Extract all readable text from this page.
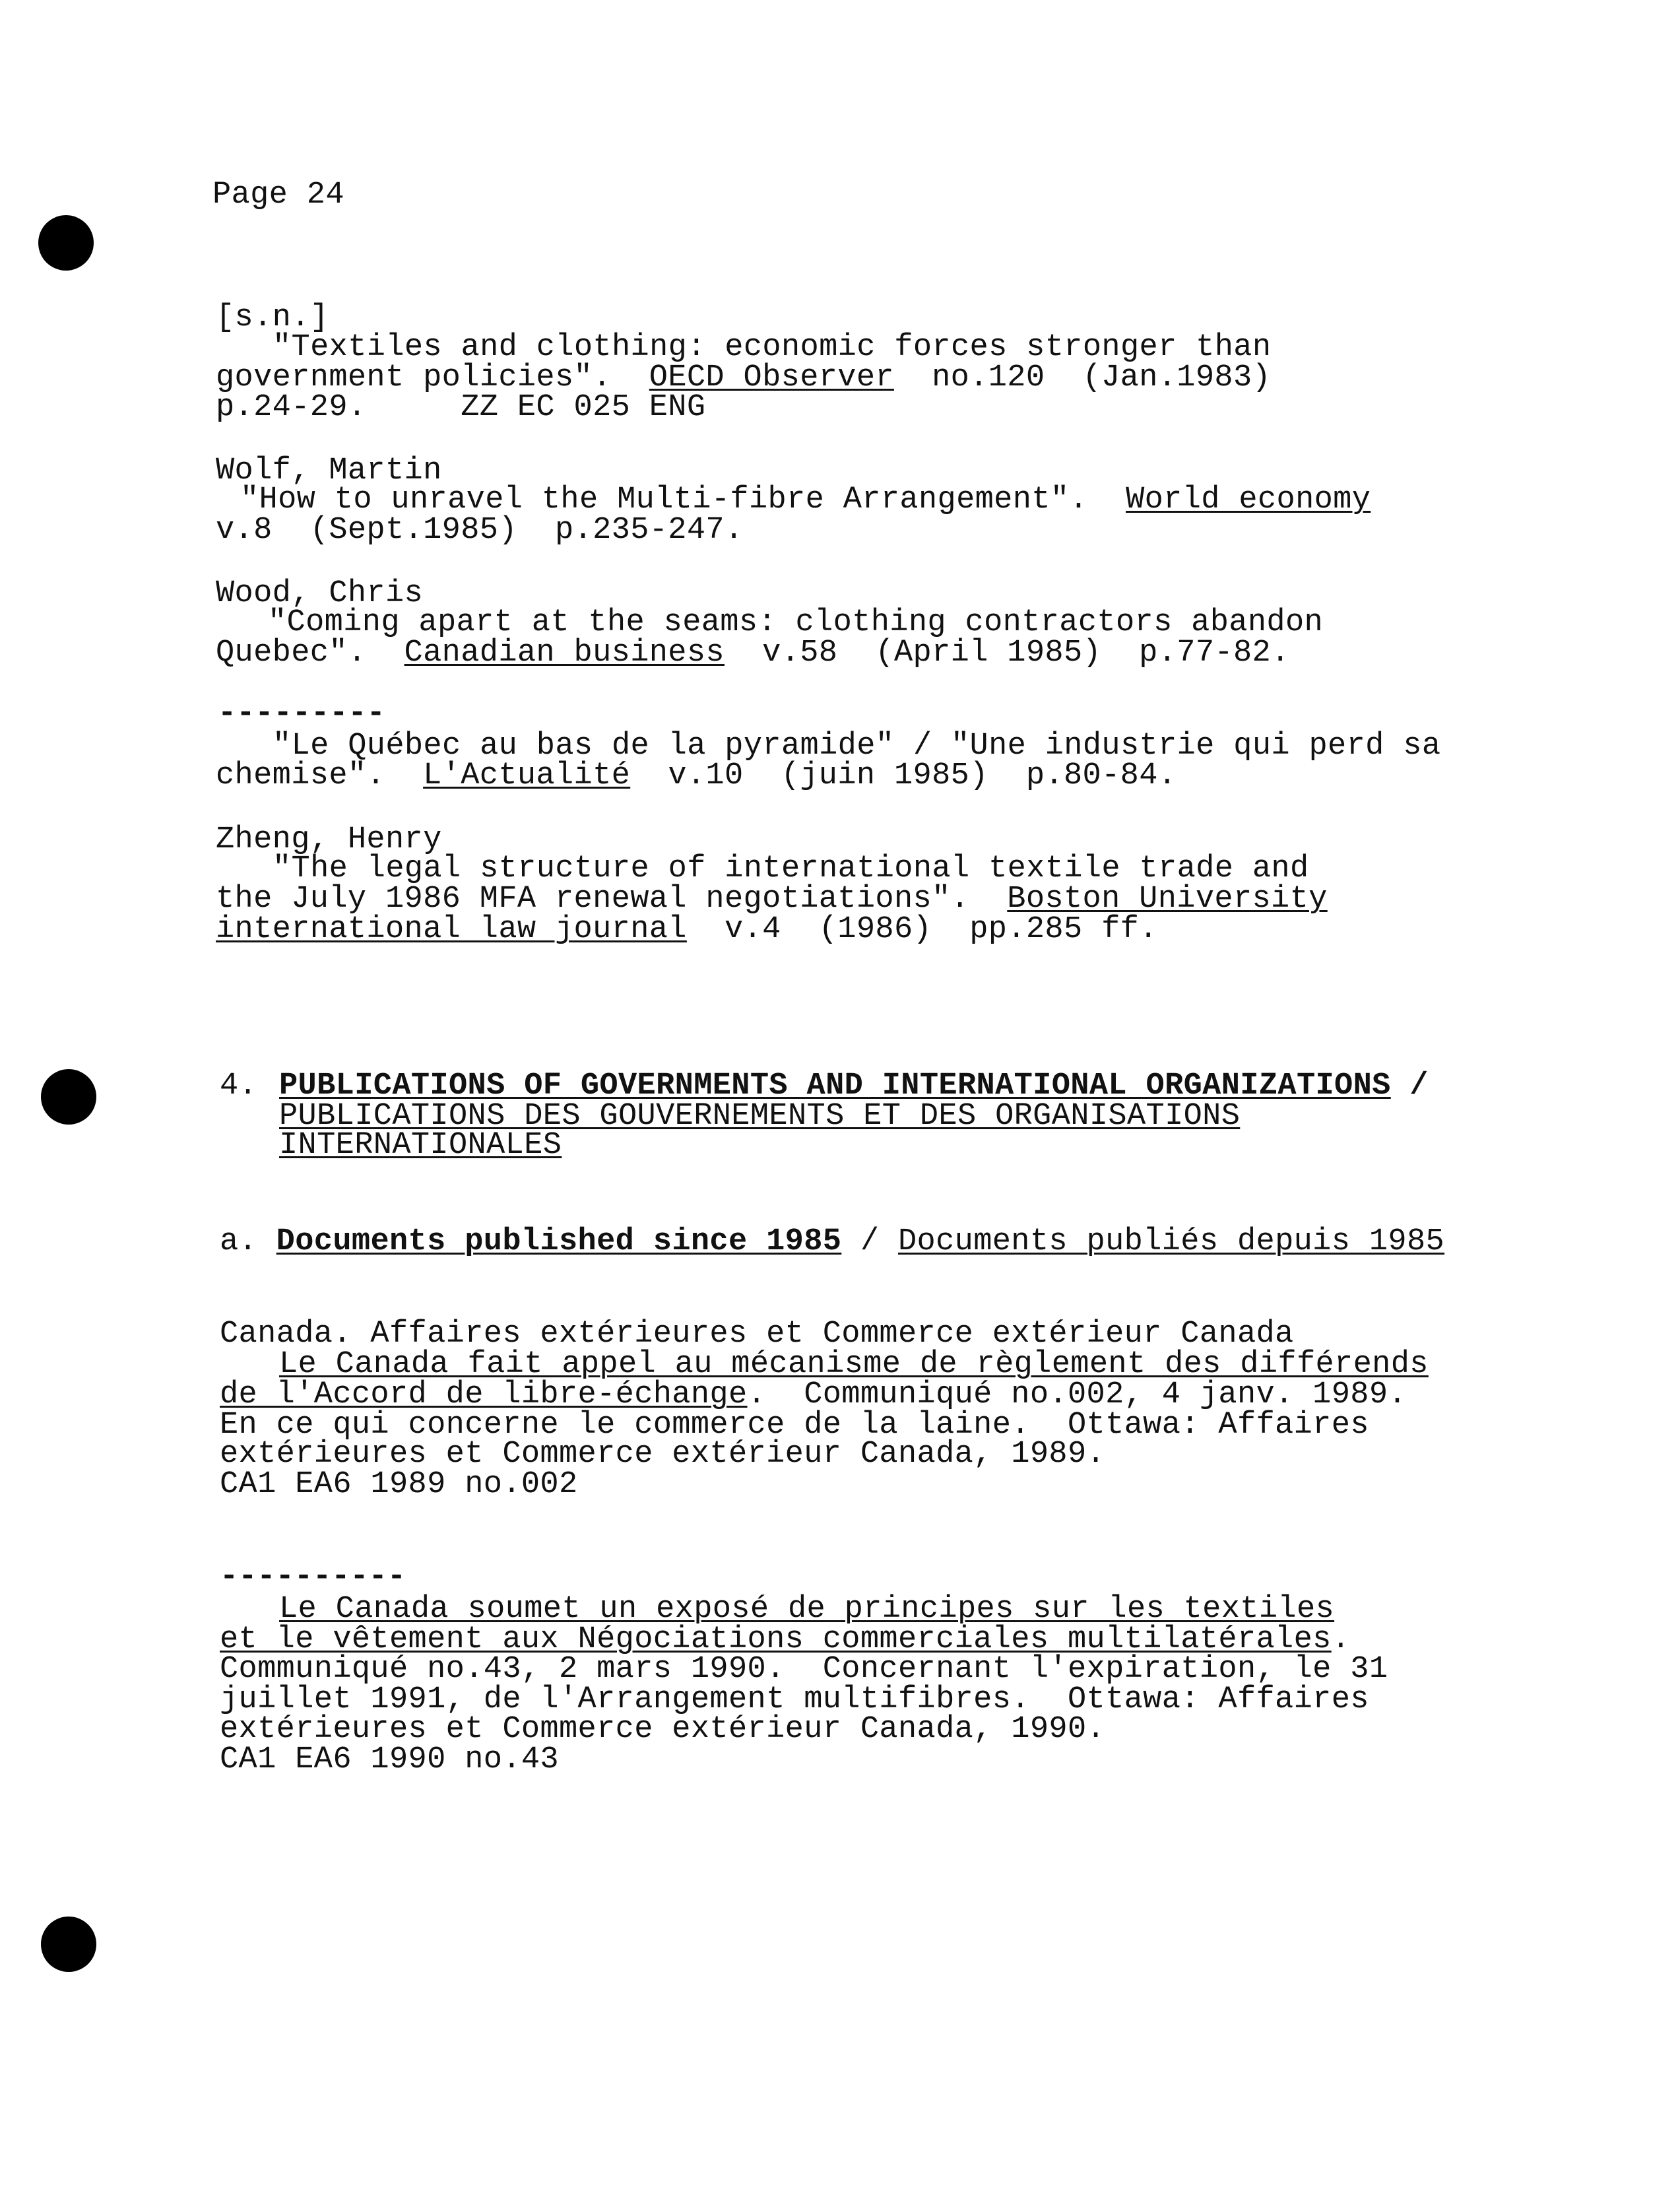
Page 24
[s.n.]
"Textiles and clothing: economic forces stronger than
government policies".  OECD Observer  no.120  (Jan.1983)
p.24-29.     ZZ EC 025 ENG
Wolf, Martin
"How to unravel the Multi-fibre Arrangement".  World economy
v.8  (Sept.1985)  p.235-247.
Wood, Chris
"Coming apart at the seams: clothing contractors abandon
Quebec".  Canadian business  v.58  (April 1985)  p.77-82.
---------
"Le Québec au bas de la pyramide" / "Une industrie qui perd sa
chemise".  L'Actualité  v.10  (juin 1985)  p.80-84.
Zheng, Henry
"The legal structure of international textile trade and
the July 1986 MFA renewal negotiations".  Boston University
international law journal  v.4  (1986)  pp.285 ff.
4. PUBLICATIONS OF GOVERNMENTS AND INTERNATIONAL ORGANIZATIONS /
PUBLICATIONS DES GOUVERNEMENTS ET DES ORGANISATIONS
INTERNATIONALES
a. Documents published since 1985 / Documents publiés depuis 1985
Canada. Affaires extérieures et Commerce extérieur Canada
Le Canada fait appel au mécanisme de règlement des différends
de l'Accord de libre-échange.  Communiqué no.002, 4 janv. 1989.
En ce qui concerne le commerce de la laine.  Ottawa: Affaires
extérieures et Commerce extérieur Canada, 1989.
CA1 EA6 1989 no.002
----------
Le Canada soumet un exposé de principes sur les textiles
et le vêtement aux Négociations commerciales multilatérales.
Communiqué no.43, 2 mars 1990.  Concernant l'expiration, le 31
juillet 1991, de l'Arrangement multifibres.  Ottawa: Affaires
extérieures et Commerce extérieur Canada, 1990.
CA1 EA6 1990 no.43
